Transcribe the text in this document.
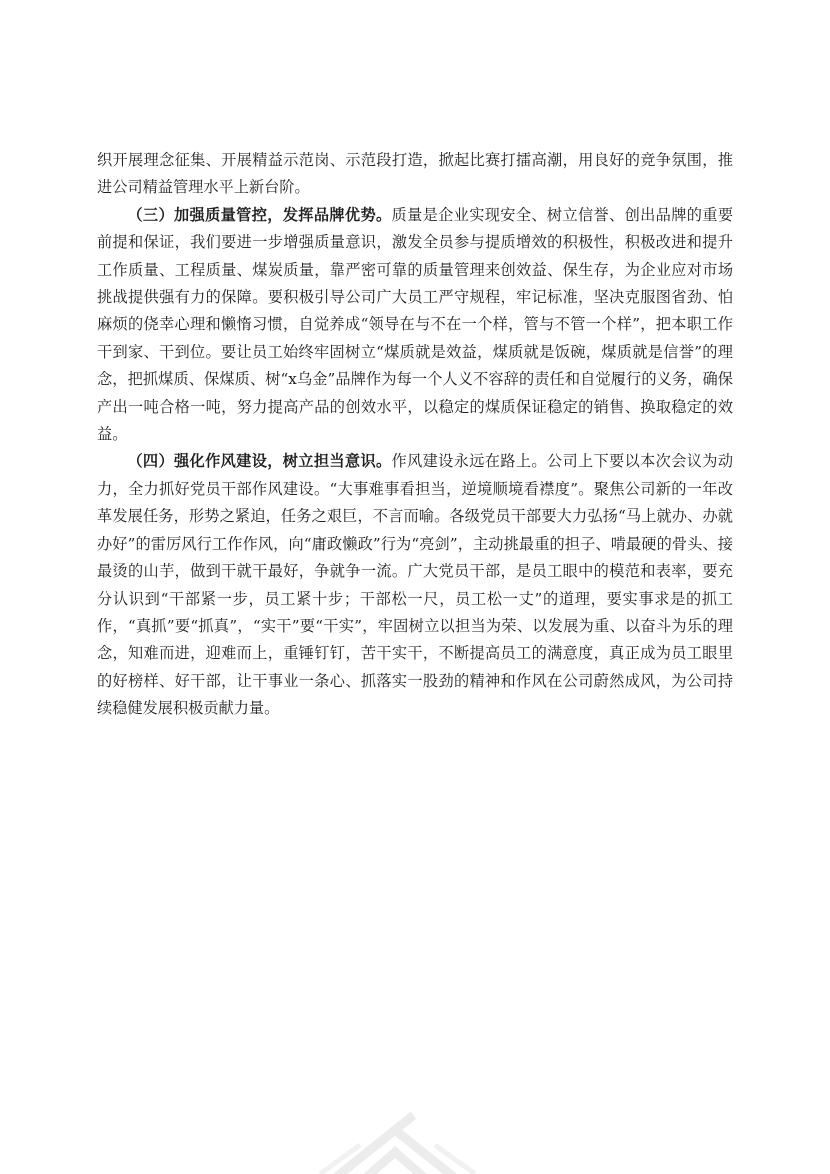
织开展理念征集、开展精益示范岗、示范段打造，掀起比赛打擂高潮，用良好的竞争氛围，推进公司精益管理水平上新台阶。

（三）加强质量管控，发挥品牌优势。质量是企业实现安全、树立信誉、创出品牌的重要前提和保证，我们要进一步增强质量意识，激发全员参与提质增效的积极性，积极改进和提升工作质量、工程质量、煤炭质量，靠严密可靠的质量管理来创效益、保生存，为企业应对市场挑战提供强有力的保障。要积极引导公司广大员工严守规程，牢记标准，坚决克服图省劲、怕麻烦的侥幸心理和懒惰习惯，自觉养成“领导在与不在一个样，管与不管一个样”，把本职工作干到家、干到位。要让员工始终牢固树立“煤质就是效益，煤质就是饭碗，煤质就是信誉”的理念，把抓煤质、保煤质、树“x乌金”品牌作为每一个人义不容辞的责任和自觉履行的义务，确保产出一吨合格一吨，努力提高产品的创效水平，以稳定的煤质保证稳定的销售、换取稳定的效益。

（四）强化作风建设，树立担当意识。作风建设永远在路上。公司上下要以本次会议为动力，全力抓好党员干部作风建设。“大事难事看担当，逆境顺境看襟度”。聚焦公司新的一年改革发展任务，形势之紧迫，任务之艰巨，不言而喻。各级党员干部要大力弘扬“马上就办、办就办好”的雷厉风行工作作风，向“庸政懒政”行为“亮剑”，主动挑最重的担子、啃最硬的骨头、接最烫的山芋，做到干就干最好，争就争一流。广大党员干部，是员工眼中的模范和表率，要充分认识到“干部紧一步，员工紧十步；干部松一尺，员工松一丈”的道理，要实事求是的抓工作，“真抓”要“抓真”，“实干”要“干实”，牢固树立以担当为荣、以发展为重、以奋斗为乐的理念，知难而进，迎难而上，重锤钉钉，苦干实干，不断提高员工的满意度，真正成为员工眼里的好榜样、好干部，让干事业一条心、抓落实一股劲的精神和作风在公司蔚然成风，为公司持续稳健发展积极贡献力量。
